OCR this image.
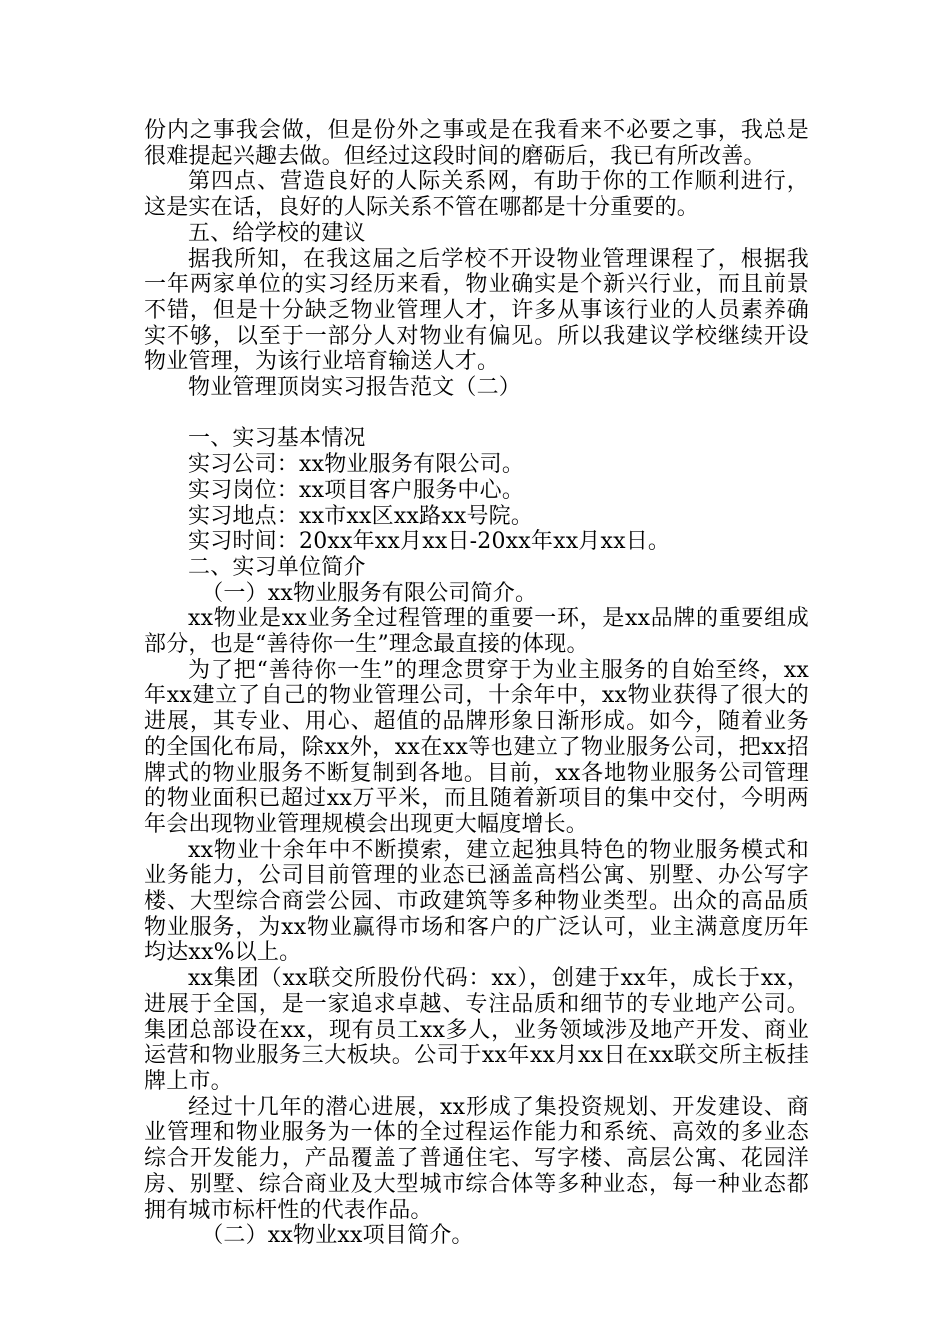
份内之事我会做，但是份外之事或是在我看来不必要之事，我总是很难提起兴趣去做。但经过这段时间的磨砺后，我已有所改善。

第四点、营造良好的人际关系网，有助于你的工作顺利进行，这是实在话，良好的人际关系不管在哪都是十分重要的。

五、给学校的建议

据我所知，在我这届之后学校不开设物业管理课程了，根据我一年两家单位的实习经历来看，物业确实是个新兴行业，而且前景不错，但是十分缺乏物业管理人才，许多从事该行业的人员素养确实不够，以至于一部分人对物业有偏见。所以我建议学校继续开设物业管理，为该行业培育输送人才。

物业管理顶岗实习报告范文（二）

一、实习基本情况

实习公司：xx物业服务有限公司。

实习岗位：xx项目客户服务中心。

实习地点：xx市xx区xx路xx号院。

实习时间：20xx年xx月xx日-20xx年xx月xx日。

二、实习单位简介

（一）xx物业服务有限公司简介。

xx物业是xx业务全过程管理的重要一环，是xx品牌的重要组成部分，也是“善待你一生”理念最直接的体现。

为了把“善待你一生”的理念贯穿于为业主服务的自始至终，xx年xx建立了自己的物业管理公司，十余年中，xx物业获得了很大的进展，其专业、用心、超值的品牌形象日渐形成。如今，随着业务的全国化布局，除xx外，xx在xx等也建立了物业服务公司，把xx招牌式的物业服务不断复制到各地。目前，xx各地物业服务公司管理的物业面积已超过xx万平米，而且随着新项目的集中交付，今明两年会出现物业管理规模会出现更大幅度增长。

xx物业十余年中不断摸索，建立起独具特色的物业服务模式和业务能力，公司目前管理的业态已涵盖高档公寓、别墅、办公写字楼、大型综合商尝公园、市政建筑等多种物业类型。出众的高品质物业服务，为xx物业赢得市场和客户的广泛认可，业主满意度历年均达xx%以上。

xx集团（xx联交所股份代码：xx），创建于xx年，成长于xx，进展于全国，是一家追求卓越、专注品质和细节的专业地产公司。集团总部设在xx，现有员工xx多人，业务领域涉及地产开发、商业运营和物业服务三大板块。公司于xx年xx月xx日在xx联交所主板挂牌上市。

经过十几年的潜心进展，xx形成了集投资规划、开发建设、商业管理和物业服务为一体的全过程运作能力和系统、高效的多业态综合开发能力，产品覆盖了普通住宅、写字楼、高层公寓、花园洋房、别墅、综合商业及大型城市综合体等多种业态，每一种业态都拥有城市标杆性的代表作品。

（二）xx物业xx项目简介。
